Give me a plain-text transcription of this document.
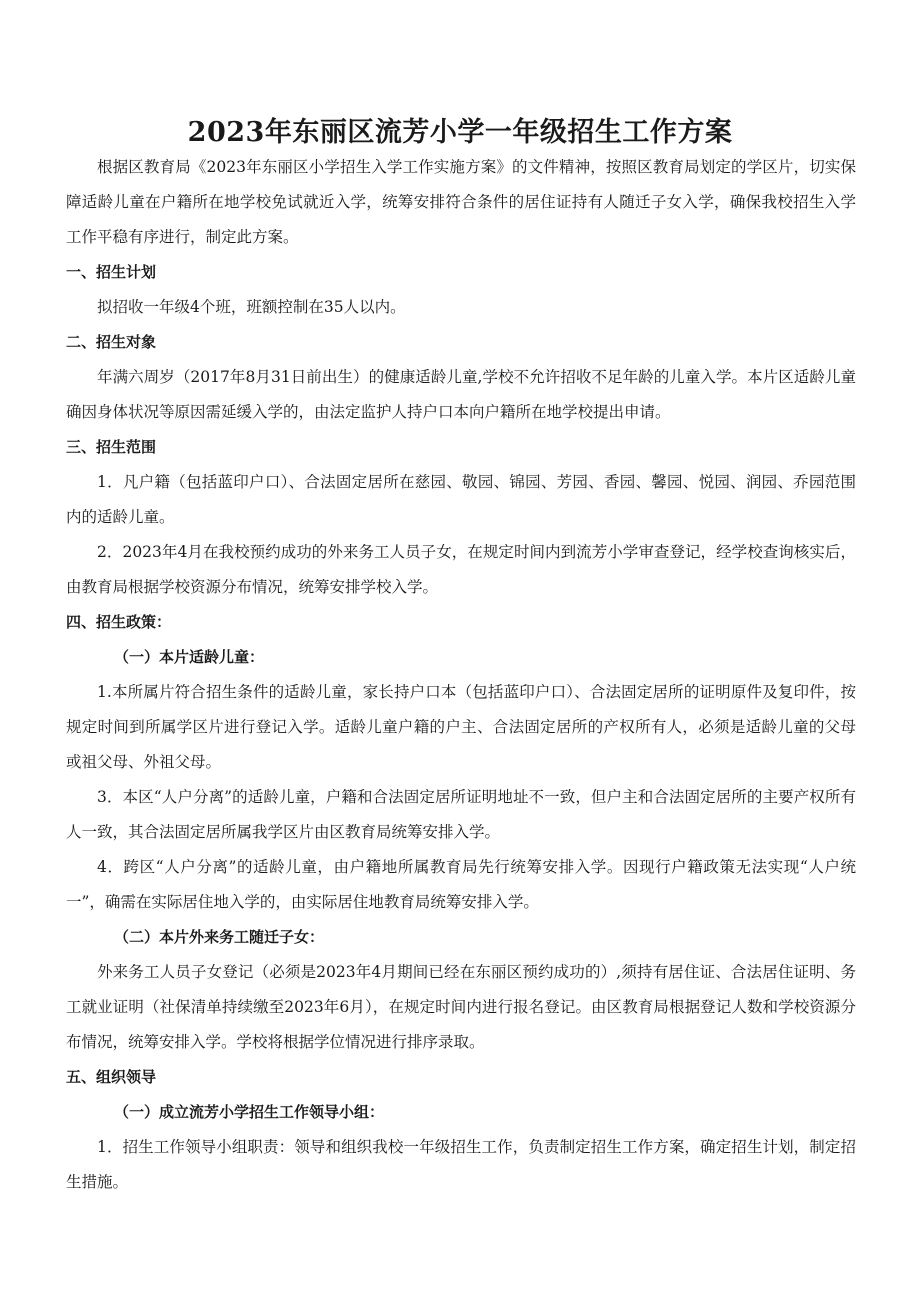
2023年东丽区流芳小学一年级招生工作方案

根据区教育局《2023年东丽区小学招生入学工作实施方案》的文件精神，按照区教育局划定的学区片，切实保障适龄儿童在户籍所在地学校免试就近入学，统筹安排符合条件的居住证持有人随迁子女入学，确保我校招生入学工作平稳有序进行，制定此方案。

一、招生计划

拟招收一年级4个班，班额控制在35人以内。

二、招生对象

年满六周岁（2017年8月31日前出生）的健康适龄儿童,学校不允许招收不足年龄的儿童入学。本片区适龄儿童确因身体状况等原因需延缓入学的，由法定监护人持户口本向户籍所在地学校提出申请。

三、招生范围

1．凡户籍（包括蓝印户口）、合法固定居所在慈园、敬园、锦园、芳园、香园、馨园、悦园、润园、乔园范围内的适龄儿童。

2．2023年4月在我校预约成功的外来务工人员子女，在规定时间内到流芳小学审查登记，经学校查询核实后，由教育局根据学校资源分布情况，统筹安排学校入学。

四、招生政策：

（一）本片适龄儿童：

1.本所属片符合招生条件的适龄儿童，家长持户口本（包括蓝印户口）、合法固定居所的证明原件及复印件，按规定时间到所属学区片进行登记入学。适龄儿童户籍的户主、合法固定居所的产权所有人，必须是适龄儿童的父母或祖父母、外祖父母。

3．本区“人户分离”的适龄儿童，户籍和合法固定居所证明地址不一致，但户主和合法固定居所的主要产权所有人一致，其合法固定居所属我学区片由区教育局统筹安排入学。

4．跨区“人户分离”的适龄儿童，由户籍地所属教育局先行统筹安排入学。因现行户籍政策无法实现“人户统一”，确需在实际居住地入学的，由实际居住地教育局统筹安排入学。

（二）本片外来务工随迁子女：

外来务工人员子女登记（必须是2023年4月期间已经在东丽区预约成功的）,须持有居住证、合法居住证明、务工就业证明（社保清单持续缴至2023年6月），在规定时间内进行报名登记。由区教育局根据登记人数和学校资源分布情况，统筹安排入学。学校将根据学位情况进行排序录取。

五、组织领导

（一）成立流芳小学招生工作领导小组：

1．招生工作领导小组职责：领导和组织我校一年级招生工作，负责制定招生工作方案，确定招生计划，制定招生措施。
